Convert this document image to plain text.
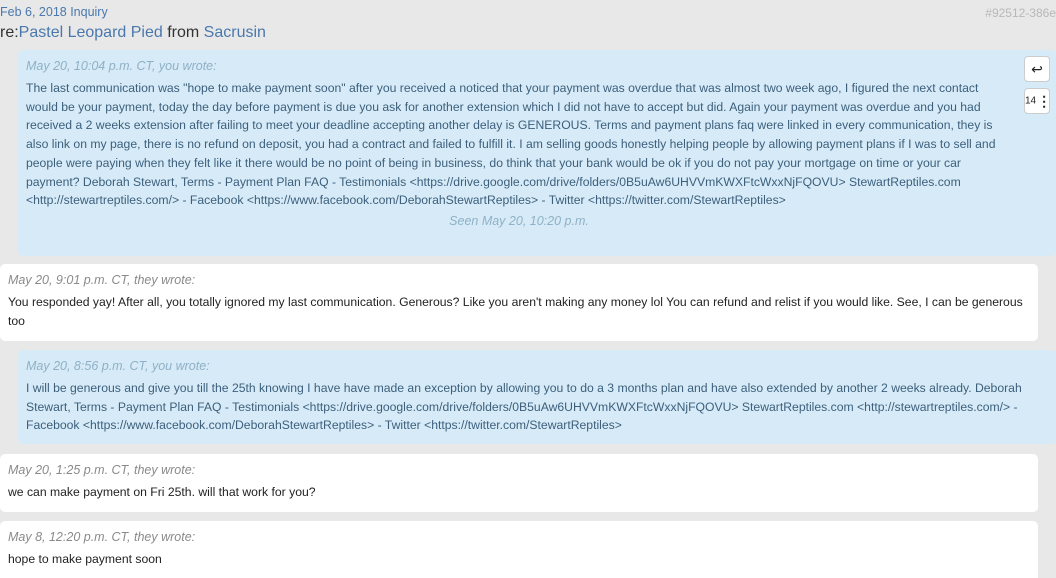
Feb 6, 2018 Inquiry	#92512-386e
re:Pastel Leopard Pied from Sacrusin
May 20, 10:04 p.m. CT, you wrote:
The last communication was "hope to make payment soon" after you received a noticed that your payment was overdue that was almost two week ago, I figured the next contact would be your payment, today the day before payment is due you ask for another extension which I did not have to accept but did. Again your payment was overdue and you had received a 2 weeks extension after failing to meet your deadline accepting another delay is GENEROUS. Terms and payment plans faq were linked in every communication, they is also link on my page, there is no refund on deposit, you had a contract and failed to fulfill it. I am selling goods honestly helping people by allowing payment plans if I was to sell and people were paying when they felt like it there would be no point of being in business, do think that your bank would be ok if you do not pay your mortgage on time or your car payment? Deborah Stewart, Terms - Payment Plan FAQ - Testimonials <https://drive.google.com/drive/folders/0B5uAw6UHVVmKWXFtcWxxNjFQOVU> StewartReptiles.com <http://stewartreptiles.com/> - Facebook <https://www.facebook.com/DeborahStewartReptiles> - Twitter <https://twitter.com/StewartReptiles>
Seen May 20, 10:20 p.m.
↩
14⋮
May 20, 9:01 p.m. CT, they wrote:
You responded yay! After all, you totally ignored my last communication. Generous? Like you aren't making any money lol You can refund and relist if you would like. See, I can be generous too
May 20, 8:56 p.m. CT, you wrote:
I will be generous and give you till the 25th knowing I have have made an exception by allowing you to do a 3 months plan and have also extended by another 2 weeks already. Deborah Stewart, Terms - Payment Plan FAQ - Testimonials <https://drive.google.com/drive/folders/0B5uAw6UHVVmKWXFtcWxxNjFQOVU> StewartReptiles.com <http://stewartreptiles.com/> - Facebook <https://www.facebook.com/DeborahStewartReptiles> - Twitter <https://twitter.com/StewartReptiles>
May 20, 1:25 p.m. CT, they wrote:
we can make payment on Fri 25th. will that work for you?
May 8, 12:20 p.m. CT, they wrote:
hope to make payment soon
